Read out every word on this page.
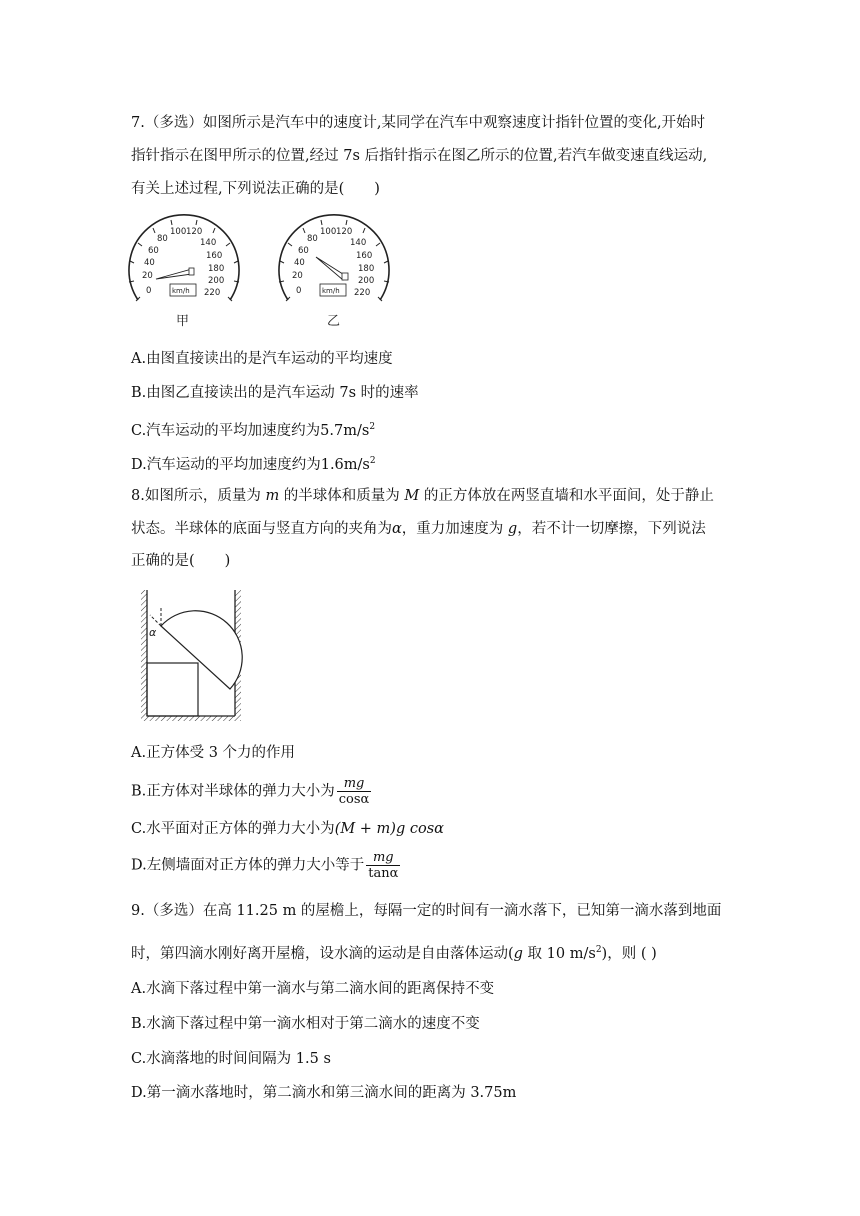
7.（多选）如图所示是汽车中的速度计,某同学在汽车中观察速度计指针位置的变化,开始时
指针指示在图甲所示的位置,经过 7s 后指针指示在图乙所示的位置,若汽车做变速直线运动,
有关上述过程,下列说法正确的是( )
0
20
40
60
80
100 120
140
160
180
200
220
km/h
甲
0
20
40
60
80
100 120
140
160
180
200
220
km/h
乙
A.由图直接读出的是汽车运动的平均速度
B.由图乙直接读出的是汽车运动 7s 时的速率
C.汽车运动的平均加速度约为$5.7m/s^2$
D.汽车运动的平均加速度约为$1.6m/s^2$
8.如图所示，质量为 m 的半球体和质量为 M 的正方体放在两竖直墙和水平面间，处于静止
状态。半球体的底面与竖直方向的夹角为α，重力加速度为 g，若不计一切摩擦，下列说法
正确的是( )
α
A.正方体受 3 个力的作用
B.正方体对半球体的弹力大小为 $\frac{mg}{\cos\alpha}$
C.水平面对正方体的弹力大小为(M + m)g cosα
D.左侧墙面对正方体的弹力大小等于 $\frac{mg}{\tan\alpha}$
9.（多选）在高 11.25 m 的屋檐上，每隔一定的时间有一滴水落下，已知第一滴水落到地面
时，第四滴水刚好离开屋檐，设水滴的运动是自由落体运动(g 取 10 $m/s^2$)，则 ( )
A.水滴下落过程中第一滴水与第二滴水间的距离保持不变
B.水滴下落过程中第一滴水相对于第二滴水的速度不变
C.水滴落地的时间间隔为 1.5 s
D.第一滴水落地时，第二滴水和第三滴水间的距离为 3.75m
